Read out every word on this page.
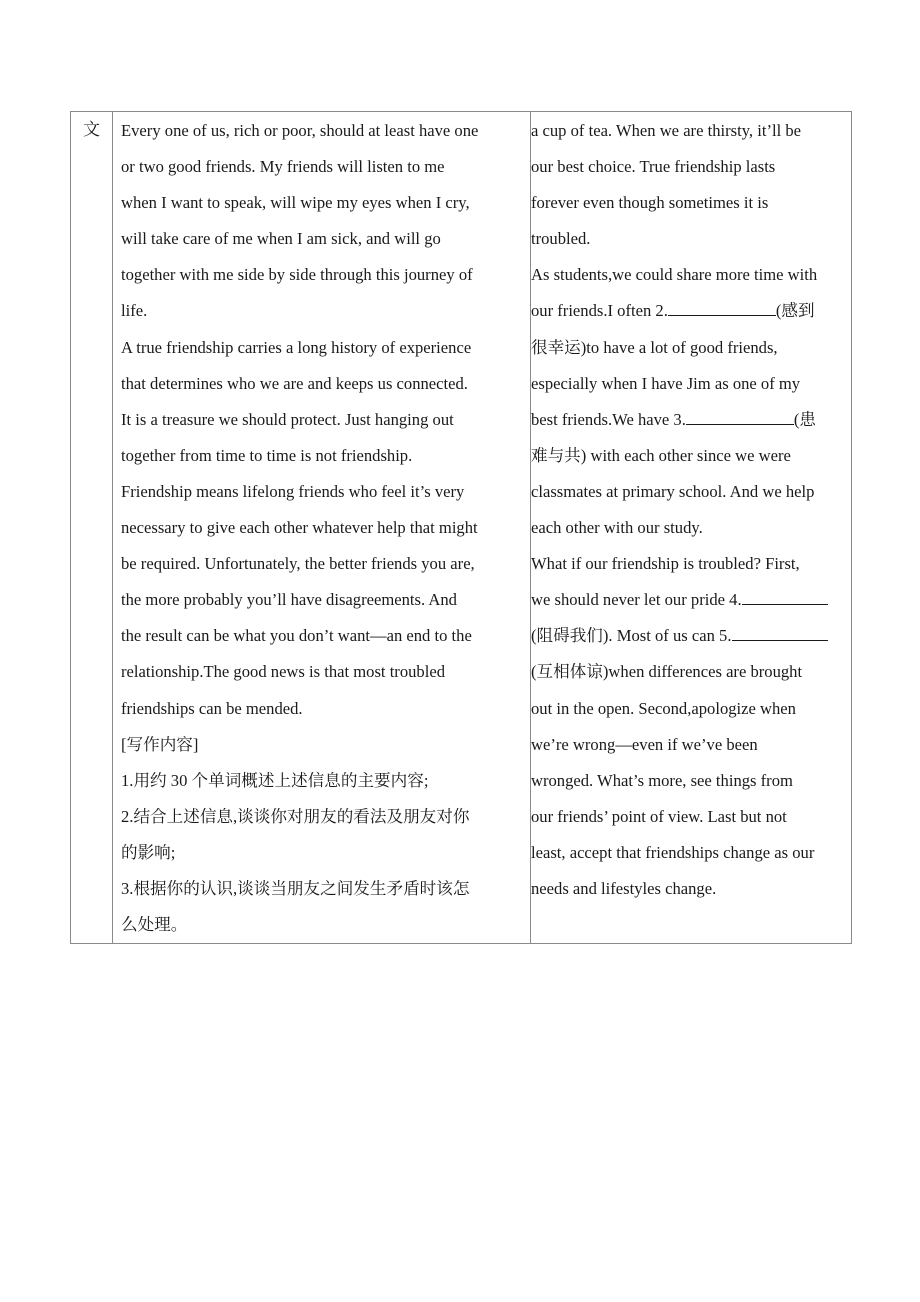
文	Every one of us, rich or poor, should at least have one
or two good friends. My friends will listen to me
when I want to speak, will wipe my eyes when I cry,
will take care of me when I am sick, and will go
together with me side by side through this journey of
life.
A true friendship carries a long history of experience
that determines who we are and keeps us connected.
It is a treasure we should protect. Just hanging out
together from time to time is not friendship.
Friendship means lifelong friends who feel it’s very
necessary to give each other whatever help that might
be required. Unfortunately, the better friends you are,
the more probably you’ll have disagreements. And
the result can be what you don’t want—an end to the
relationship.The good news is that most troubled
friendships can be mended.
[写作内容]
1.用约 30 个单词概述上述信息的主要内容;
2.结合上述信息,谈谈你对朋友的看法及朋友对你
的影响;
3.根据你的认识,谈谈当朋友之间发生矛盾时该怎
么处理。

a cup of tea. When we are thirsty, it’ll be
our best choice. True friendship lasts
forever even though sometimes it is
troubled.
As students,we could share more time with
our friends.I often 2.	(感到
很幸运)to have a lot of good friends,
especially when I have Jim as one of my
best friends.We have 3.	(患
难与共) with each other since we were
classmates at primary school. And we help
each other with our study.
What if our friendship is troubled? First,
we should never let our pride 4.
(阻碍我们). Most of us can 5.
(互相体谅)when differences are brought
out in the open. Second,apologize when
we’re wrong—even if we’ve been
wronged. What’s more, see things from
our friends’ point of view. Last but not
least, accept that friendships change as our
needs and lifestyles change.
